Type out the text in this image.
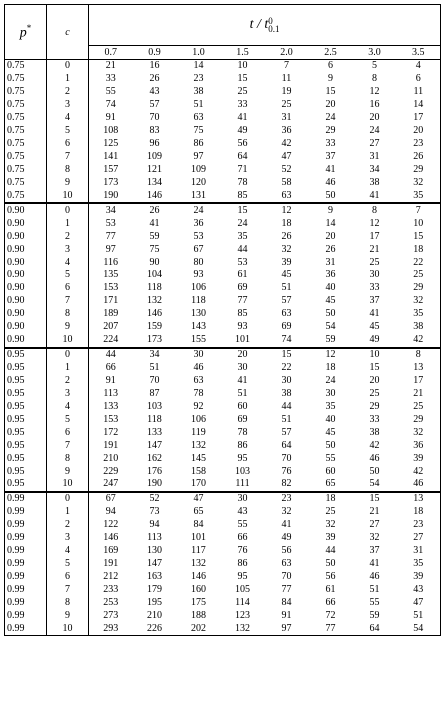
p*	c	t / t 0
0.1							

		0.7	0.9	1.0	1.5	2.0	2.5	3.0	3.5
0.75	0	21	16	14	10	7	6	5	4
0.75	1	33	26	23	15	11	9	8	6
0.75	2	55	43	38	25	19	15	12	11
0.75	3	74	57	51	33	25	20	16	14
0.75	4	91	70	63	41	31	24	20	17
0.75	5	108	83	75	49	36	29	24	20
0.75	6	125	96	86	56	42	33	27	23
0.75	7	141	109	97	64	47	37	31	26
0.75	8	157	121	109	71	52	41	34	29
0.75	9	173	134	120	78	58	46	38	32
0.75	10	190	146	131	85	63	50	41	35
0.90	0	34	26	24	15	12	9	8	7
0.90	1	53	41	36	24	18	14	12	10
0.90	2	77	59	53	35	26	20	17	15
0.90	3	97	75	67	44	32	26	21	18
0.90	4	116	90	80	53	39	31	25	22
0.90	5	135	104	93	61	45	36	30	25
0.90	6	153	118	106	69	51	40	33	29
0.90	7	171	132	118	77	57	45	37	32
0.90	8	189	146	130	85	63	50	41	35
0.90	9	207	159	143	93	69	54	45	38
0.90	10	224	173	155	101	74	59	49	42
0.95	0	44	34	30	20	15	12	10	8
0.95	1	66	51	46	30	22	18	15	13
0.95	2	91	70	63	41	30	24	20	17
0.95	3	113	87	78	51	38	30	25	21
0.95	4	133	103	92	60	44	35	29	25
0.95	5	153	118	106	69	51	40	33	29
0.95	6	172	133	119	78	57	45	38	32
0.95	7	191	147	132	86	64	50	42	36
0.95	8	210	162	145	95	70	55	46	39
0.95	9	229	176	158	103	76	60	50	42
0.95	10	247	190	170	111	82	65	54	46
0.99	0	67	52	47	30	23	18	15	13
0.99	1	94	73	65	43	32	25	21	18
0.99	2	122	94	84	55	41	32	27	23
0.99	3	146	113	101	66	49	39	32	27
0.99	4	169	130	117	76	56	44	37	31
0.99	5	191	147	132	86	63	50	41	35
0.99	6	212	163	146	95	70	56	46	39
0.99	7	233	179	160	105	77	61	51	43
0.99	8	253	195	175	114	84	66	55	47
0.99	9	273	210	188	123	91	72	59	51
0.99	10	293	226	202	132	97	77	64	54
